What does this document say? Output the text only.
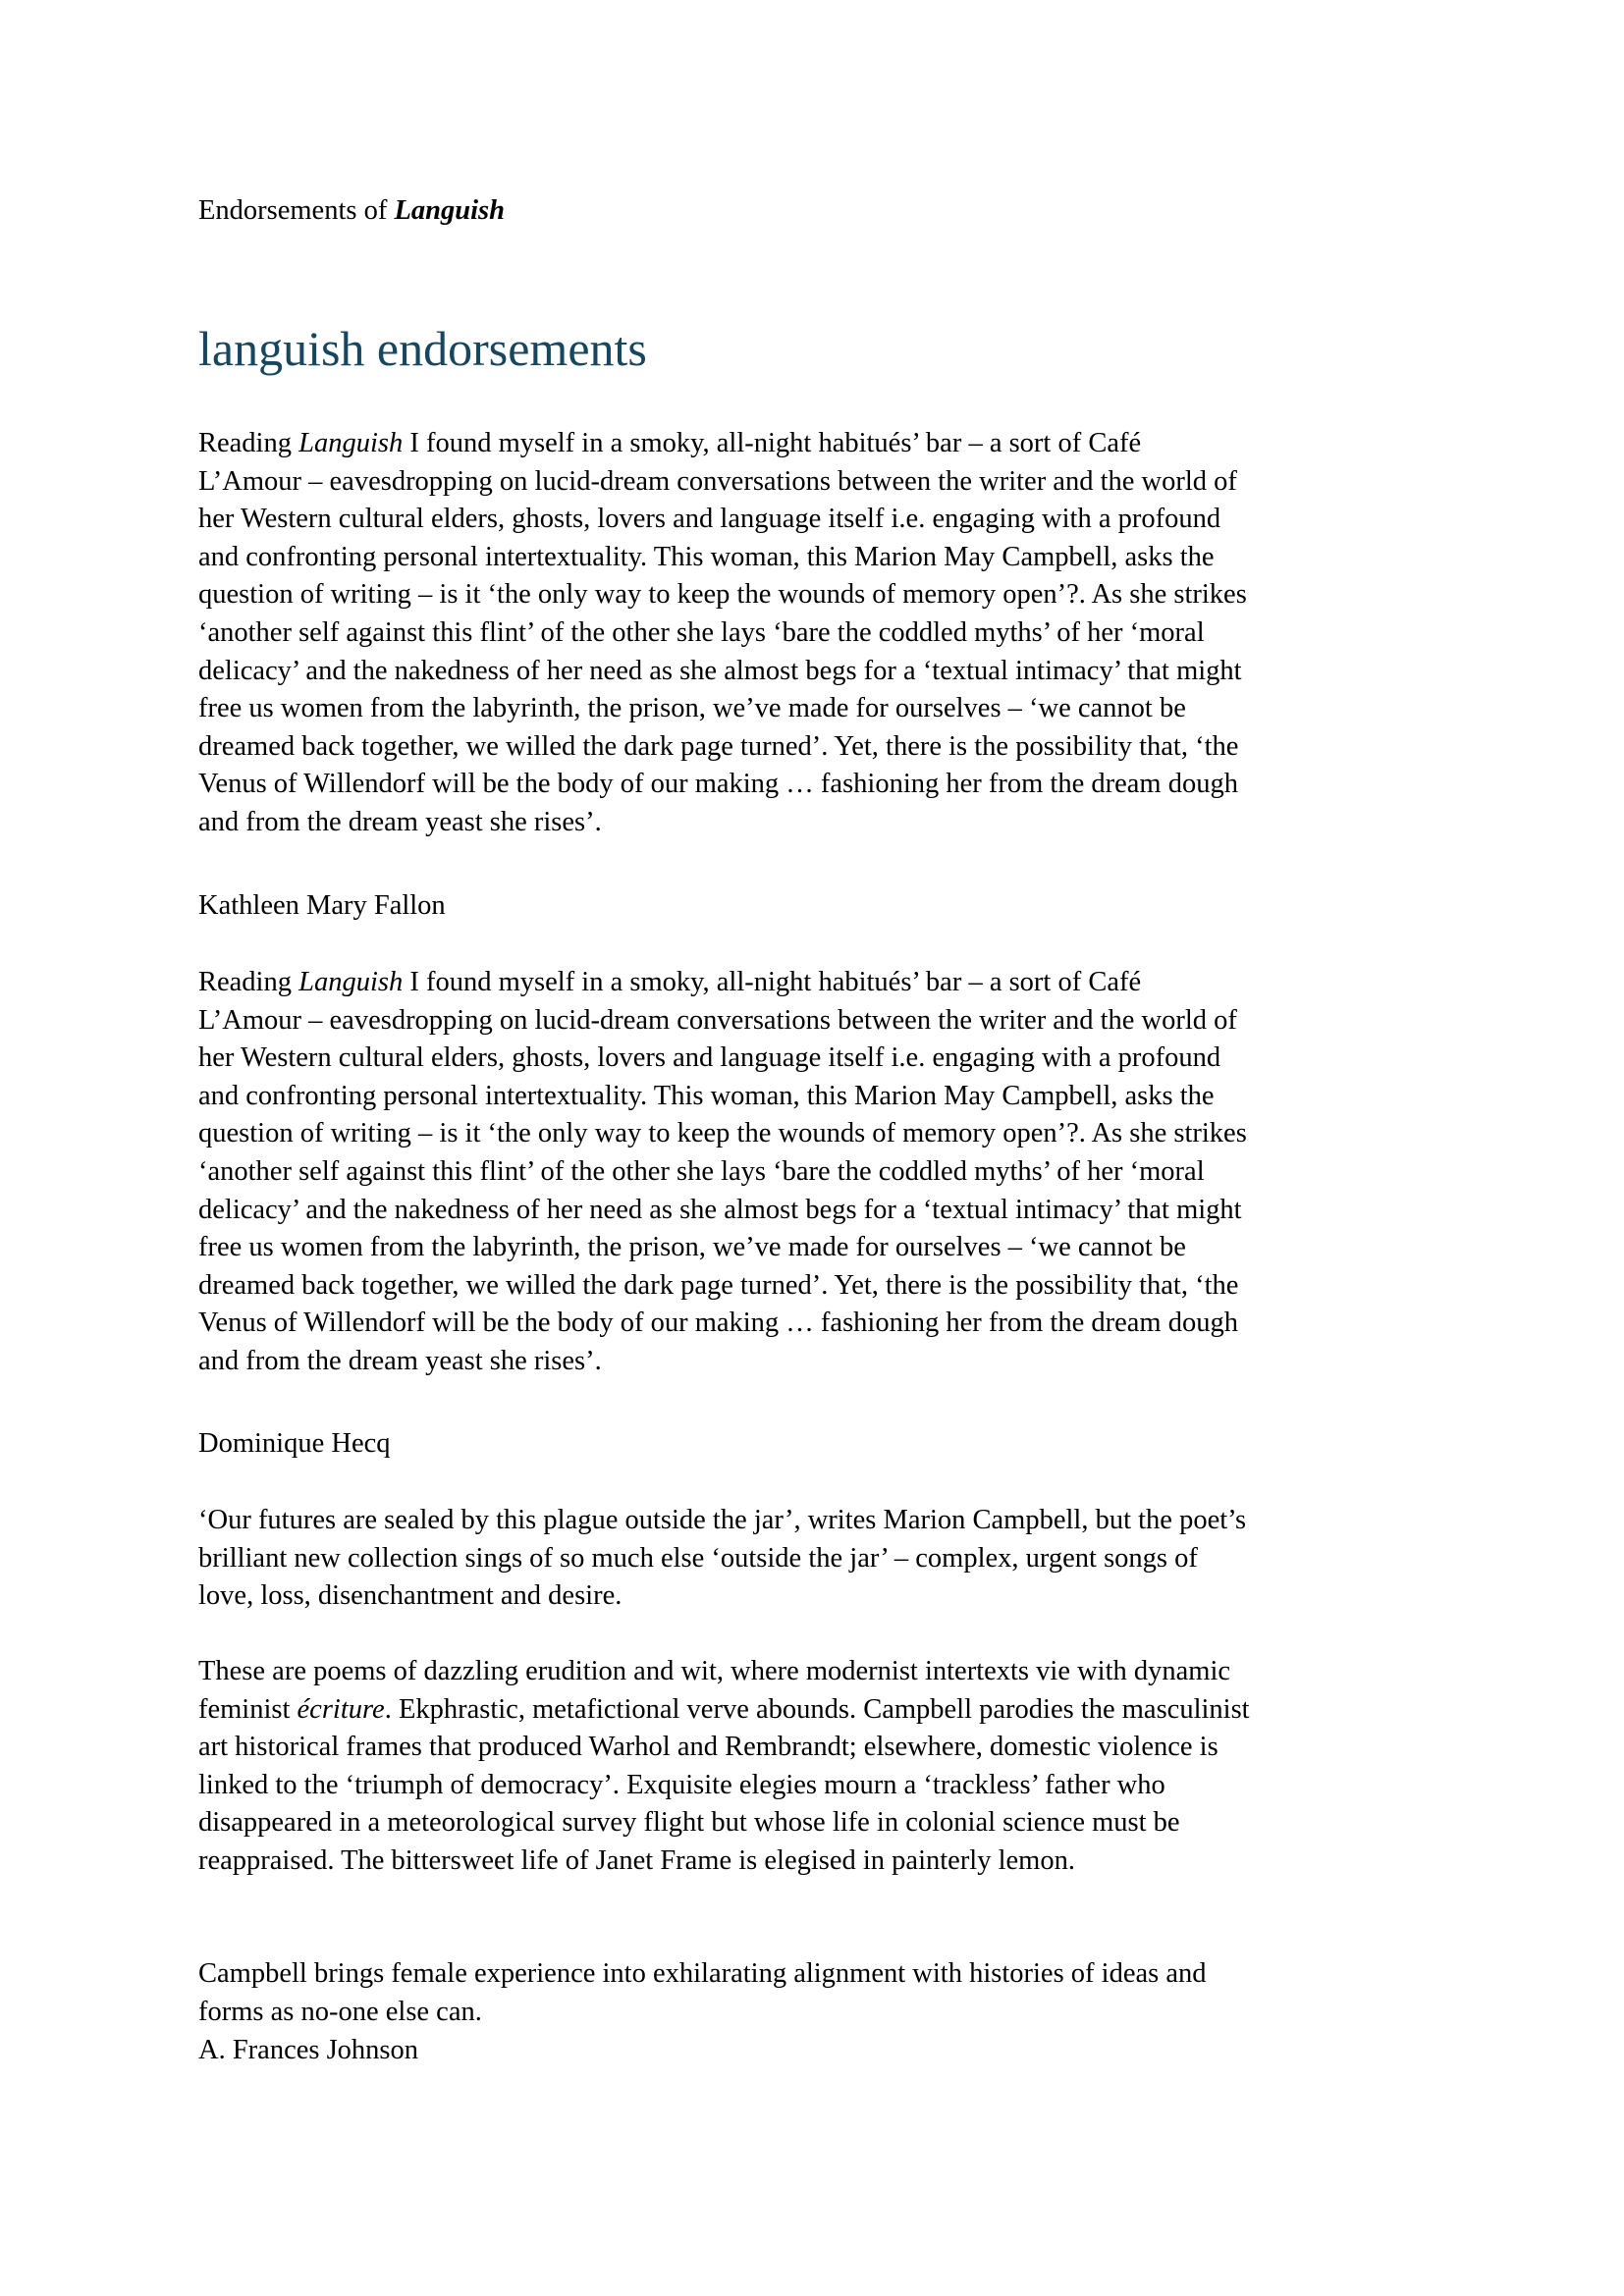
Endorsements of Languish
languish endorsements
Reading Languish I found myself in a smoky, all-night habitués’ bar – a sort of Café
L’Amour – eavesdropping on lucid-dream conversations between the writer and the world of
her Western cultural elders, ghosts, lovers and language itself i.e. engaging with a profound
and confronting personal intertextuality. This woman, this Marion May Campbell, asks the
question of writing – is it ‘the only way to keep the wounds of memory open’?. As she strikes
‘another self against this flint’ of the other she lays ‘bare the coddled myths’ of her ‘moral
delicacy’ and the nakedness of her need as she almost begs for a ‘textual intimacy’ that might
free us women from the labyrinth, the prison, we’ve made for ourselves – ‘we cannot be
dreamed back together, we willed the dark page turned’. Yet, there is the possibility that, ‘the
Venus of Willendorf will be the body of our making … fashioning her from the dream dough
and from the dream yeast she rises’.
Kathleen Mary Fallon
Reading Languish I found myself in a smoky, all-night habitués’ bar – a sort of Café
L’Amour – eavesdropping on lucid-dream conversations between the writer and the world of
her Western cultural elders, ghosts, lovers and language itself i.e. engaging with a profound
and confronting personal intertextuality. This woman, this Marion May Campbell, asks the
question of writing – is it ‘the only way to keep the wounds of memory open’?. As she strikes
‘another self against this flint’ of the other she lays ‘bare the coddled myths’ of her ‘moral
delicacy’ and the nakedness of her need as she almost begs for a ‘textual intimacy’ that might
free us women from the labyrinth, the prison, we’ve made for ourselves – ‘we cannot be
dreamed back together, we willed the dark page turned’. Yet, there is the possibility that, ‘the
Venus of Willendorf will be the body of our making … fashioning her from the dream dough
and from the dream yeast she rises’.
Dominique Hecq
‘Our futures are sealed by this plague outside the jar’, writes Marion Campbell, but the poet’s
brilliant new collection sings of so much else ‘outside the jar’ – complex, urgent songs of
love, loss, disenchantment and desire.
These are poems of dazzling erudition and wit, where modernist intertexts vie with dynamic
feminist écriture. Ekphrastic, metafictional verve abounds. Campbell parodies the masculinist
art historical frames that produced Warhol and Rembrandt; elsewhere, domestic violence is
linked to the ‘triumph of democracy’. Exquisite elegies mourn a ‘trackless’ father who
disappeared in a meteorological survey flight but whose life in colonial science must be
reappraised. The bittersweet life of Janet Frame is elegised in painterly lemon.
Campbell brings female experience into exhilarating alignment with histories of ideas and
forms as no-one else can.
A. Frances Johnson
